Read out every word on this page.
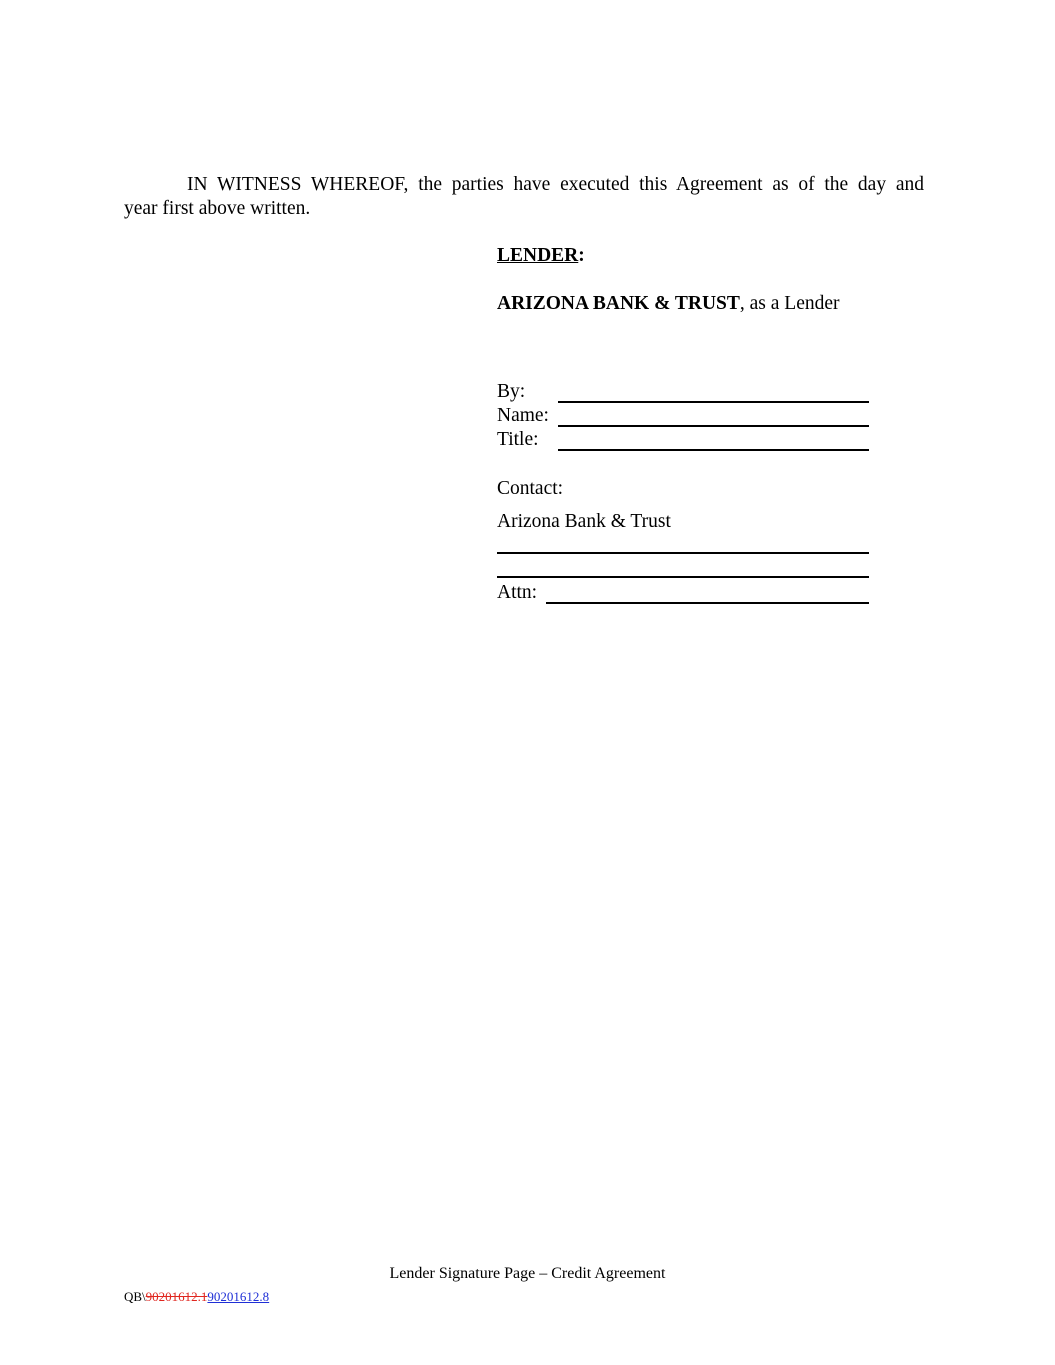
IN WITNESS WHEREOF, the parties have executed this Agreement as of the day and
year first above written.
LENDER:
ARIZONA BANK & TRUST, as a Lender
By:
Name:
Title:
Contact:
Arizona Bank & Trust
Attn:
Lender Signature Page – Credit Agreement
QB\90201612.190201612.8
